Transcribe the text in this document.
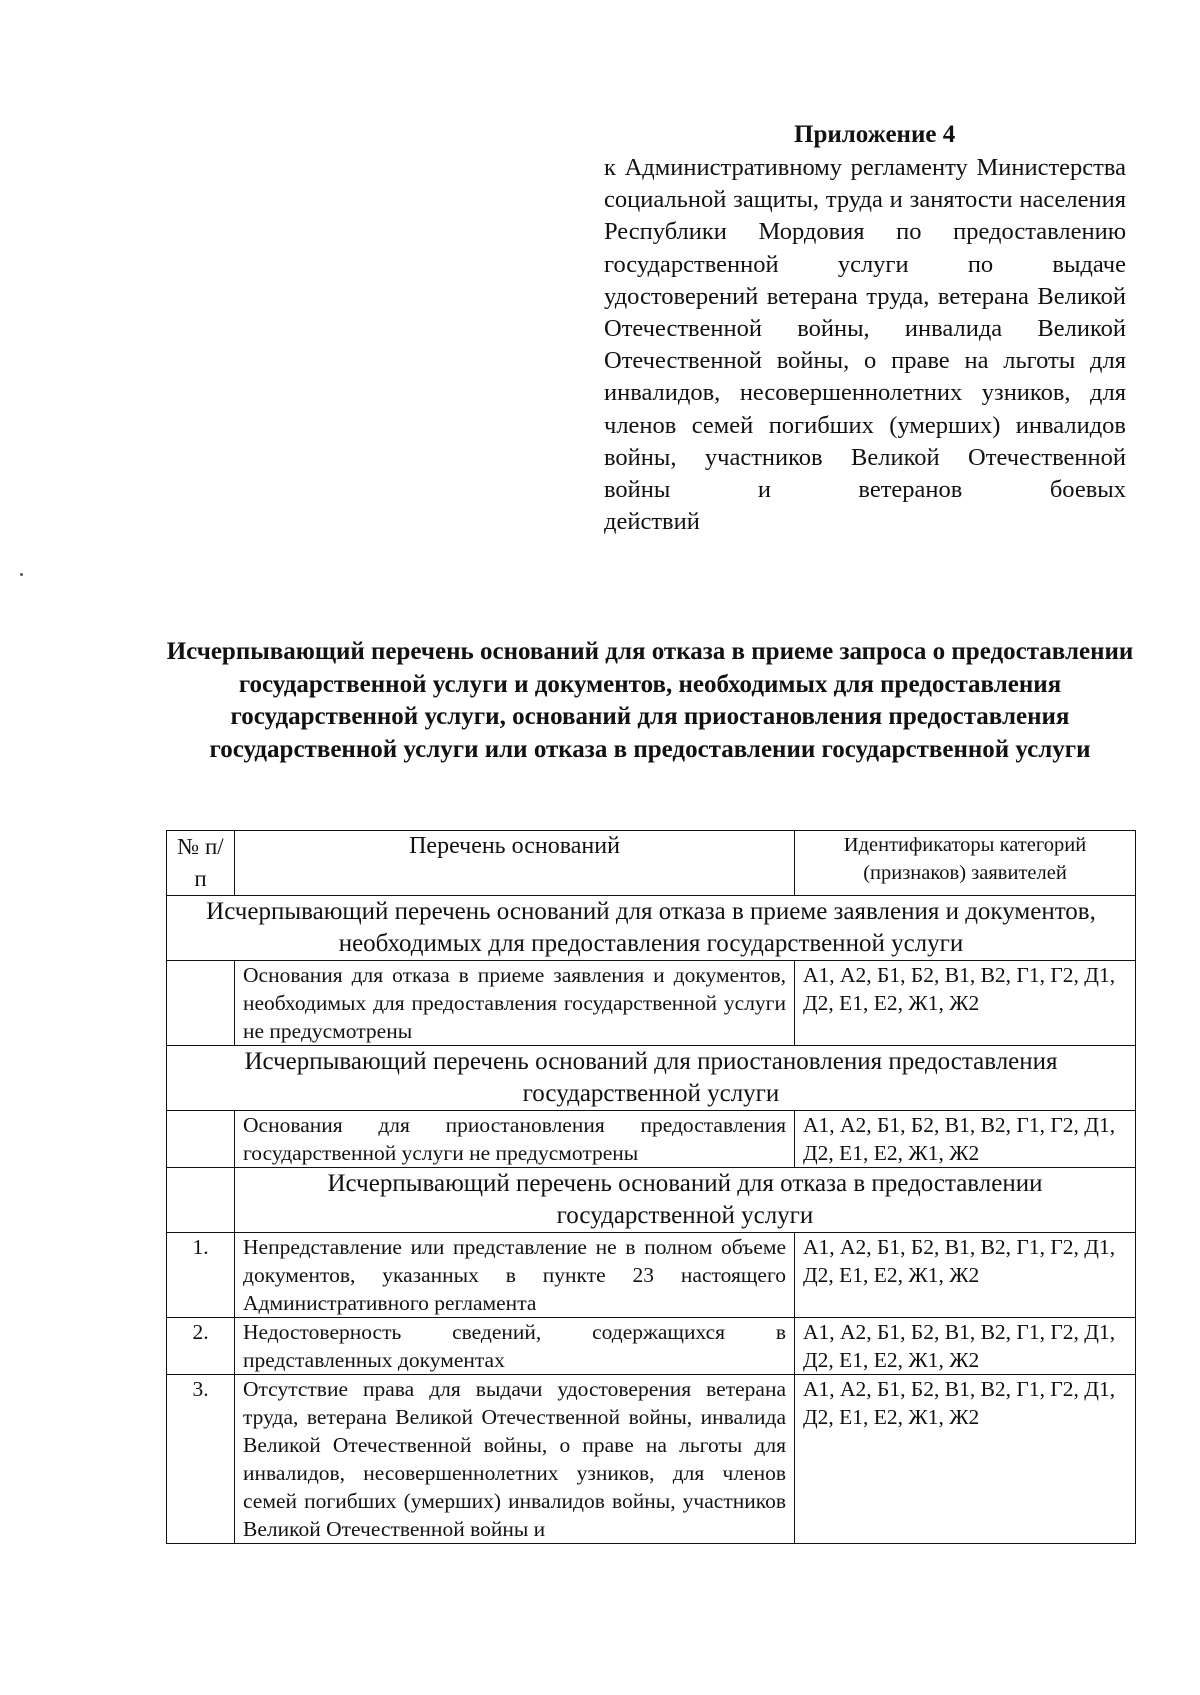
Приложение 4

к Административному регламенту Министерства социальной защиты, труда и занятости населения Республики Мордовия по предоставлению государственной услуги по выдаче удостоверений ветерана труда, ветерана Великой Отечественной войны, инвалида Великой Отечественной войны, о праве на льготы для инвалидов, несовершеннолетних узников, для членов семей погибших (умерших) инвалидов войны, участников Великой Отечественной войны и ветеранов боевых
действий

Исчерпывающий перечень оснований для отказа в приеме запроса о предоставлении государственной услуги и документов, необходимых для предоставления государственной услуги, оснований для приостановления предоставления государственной услуги или отказа в предоставлении государственной услуги
№ п/п	Перечень оснований	Идентификаторы категорий (признаков) заявителей
Исчерпывающий перечень оснований для отказа в приеме заявления и документов, необходимых для предоставления государственной услуги		
	Основания для отказа в приеме заявления и документов, необходимых для предоставления государственной услуги не предусмотрены	А1, А2, Б1, Б2, В1, В2, Г1, Г2, Д1, Д2, Е1, Е2, Ж1, Ж2
Исчерпывающий перечень оснований для приостановления предоставления государственной услуги		
	Основания для приостановления предоставления государственной услуги не предусмотрены	А1, А2, Б1, Б2, В1, В2, Г1, Г2, Д1, Д2, Е1, Е2, Ж1, Ж2
	Исчерпывающий перечень оснований для отказа в предоставлении государственной услуги	
1.	Непредставление или представление не в полном объеме документов, указанных в пункте 23 настоящего Административного регламента	А1, А2, Б1, Б2, В1, В2, Г1, Г2, Д1, Д2, Е1, Е2, Ж1, Ж2
2.	Недостоверность сведений, содержащихся в представленных документах	А1, А2, Б1, Б2, В1, В2, Г1, Г2, Д1, Д2, Е1, Е2, Ж1, Ж2
3.	Отсутствие права для выдачи удостоверения ветерана труда, ветерана Великой Отечественной войны, инвалида Великой Отечественной войны, о праве на льготы для инвалидов, несовершеннолетних узников, для членов семей погибших (умерших) инвалидов войны, участников Великой Отечественной войны и	А1, А2, Б1, Б2, В1, В2, Г1, Г2, Д1, Д2, Е1, Е2, Ж1, Ж2
